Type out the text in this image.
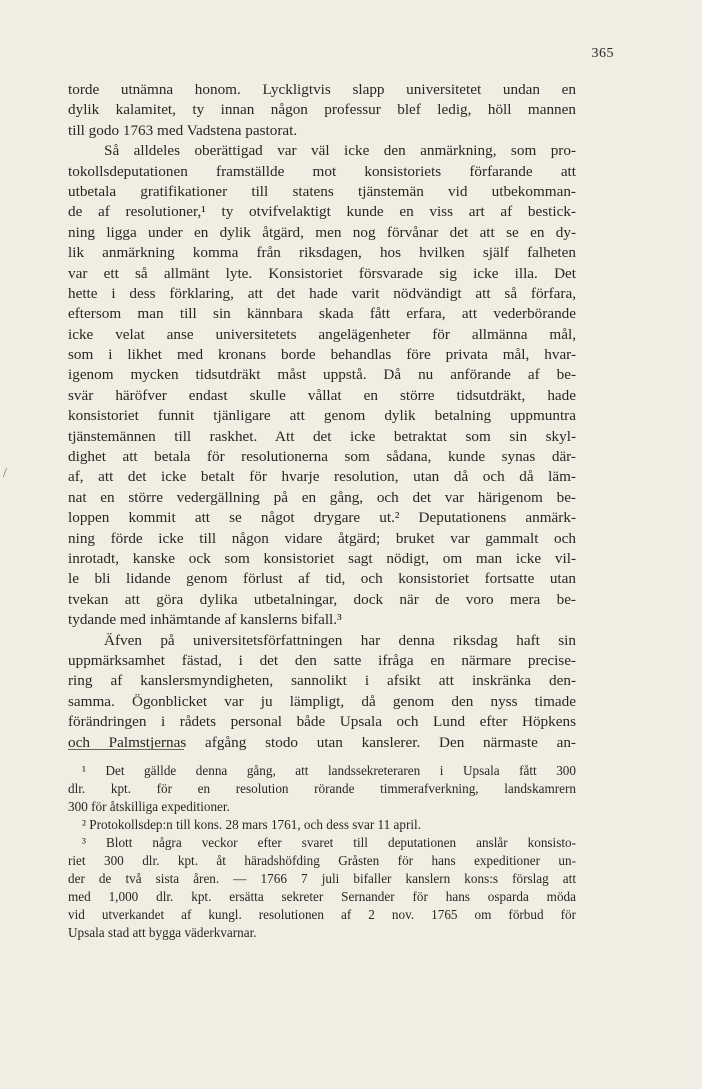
365
/
torde utnämna honom. Lyckligtvis slapp universitetet undan en
dylik kalamitet, ty innan någon professur blef ledig, höll mannen
till godo 1763 med Vadstena pastorat.
Så alldeles oberättigad var väl icke den anmärkning, som pro-
tokollsdeputationen framställde mot konsistoriets förfarande att
utbetala gratifikationer till statens tjänstemän vid utbekomman-
de af resolutioner,¹ ty otvifvelaktigt kunde en viss art af bestick-
ning ligga under en dylik åtgärd, men nog förvånar det att se en dy-
lik anmärkning komma från riksdagen, hos hvilken själf falheten
var ett så allmänt lyte. Konsistoriet försvarade sig icke illa. Det
hette i dess förklaring, att det hade varit nödvändigt att så förfara,
eftersom man till sin kännbara skada fått erfara, att vederbörande
icke velat anse universitetets angelägenheter för allmänna mål,
som i likhet med kronans borde behandlas före privata mål, hvar-
igenom mycken tidsutdräkt måst uppstå. Då nu anförande af be-
svär häröfver endast skulle vållat en större tidsutdräkt, hade
konsistoriet funnit tjänligare att genom dylik betalning uppmuntra
tjänstemännen till raskhet. Att det icke betraktat som sin skyl-
dighet att betala för resolutionerna som sådana, kunde synas där-
af, att det icke betalt för hvarje resolution, utan då och då läm-
nat en större vedergällning på en gång, och det var härigenom be-
loppen kommit att se något drygare ut.² Deputationens anmärk-
ning förde icke till någon vidare åtgärd; bruket var gammalt och
inrotadt, kanske ock som konsistoriet sagt nödigt, om man icke vil-
le bli lidande genom förlust af tid, och konsistoriet fortsatte utan
tvekan att göra dylika utbetalningar, dock när de voro mera be-
tydande med inhämtande af kanslerns bifall.³
Äfven på universitetsförfattningen har denna riksdag haft sin
uppmärksamhet fästad, i det den satte ifråga en närmare precise-
ring af kanslersmyndigheten, sannolikt i afsikt att inskränka den-
samma. Ögonblicket var ju lämpligt, då genom den nyss timade
förändringen i rådets personal både Upsala och Lund efter Höpkens
och Palmstjernas afgång stodo utan kanslerer. Den närmaste an-
¹ Det gällde denna gång, att landssekreteraren i Upsala fått 300
dlr. kpt. för en resolution rörande timmerafverkning, landskamrern
300 för åtskilliga expeditioner.
² Protokollsdep:n till kons. 28 mars 1761, och dess svar 11 april.
³ Blott några veckor efter svaret till deputationen anslår konsisto-
riet 300 dlr. kpt. åt häradshöfding Gråsten för hans expeditioner un-
der de två sista åren. — 1766 7 juli bifaller kanslern kons:s förslag att
med 1,000 dlr. kpt. ersätta sekreter Sernander för hans osparda möda
vid utverkandet af kungl. resolutionen af 2 nov. 1765 om förbud för
Upsala stad att bygga väderkvarnar.
